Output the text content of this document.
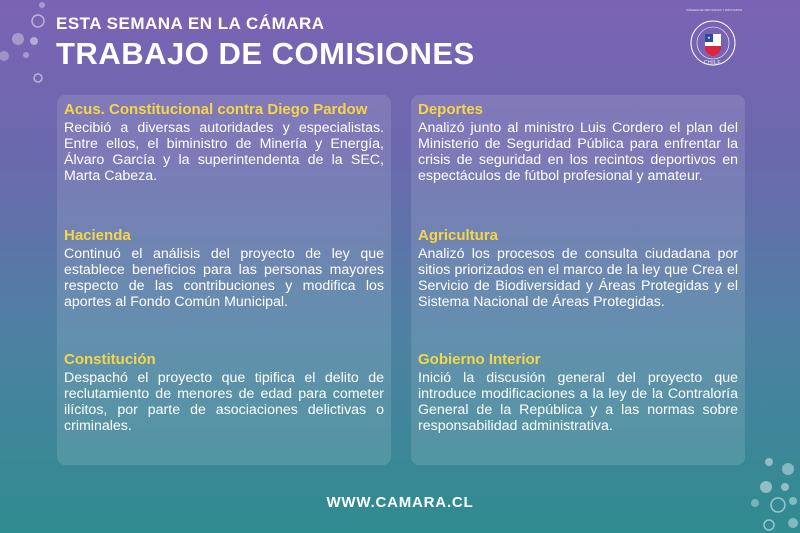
ESTA SEMANA EN LA CÁMARA

TRABAJO DE COMISIONES

CÁMARA DE DIPUTADAS Y DIPUTADOS
CHILE

Acus. Constitucional contra Diego Pardow

Recibió a diversas autoridades y especialistas. Entre ellos, el biministro de Minería y Energía, Álvaro García y la superintendenta de la SEC, Marta Cabeza.

Hacienda

Continuó el análisis del proyecto de ley que establece beneficios para las personas mayores respecto de las contribuciones y modifica los aportes al Fondo Común Municipal.

Constitución

Despachó el proyecto que tipifica el delito de reclutamiento de menores de edad para cometer ilícitos, por parte de asociaciones delictivas o criminales.

Deportes

Analizó junto al ministro Luis Cordero el plan del Ministerio de Seguridad Pública para enfrentar la crisis de seguridad en los recintos deportivos en espectáculos de fútbol profesional y amateur.

Agricultura

Analizó los procesos de consulta ciudadana por sitios priorizados en el marco de la ley que Crea el Servicio de Biodiversidad y Áreas Protegidas y el Sistema Nacional de Áreas Protegidas.

Gobierno Interior

Inició la discusión general del proyecto que introduce modificaciones a la ley de la Contraloría General de la República y a las normas sobre responsabilidad administrativa.

WWW.CAMARA.CL
